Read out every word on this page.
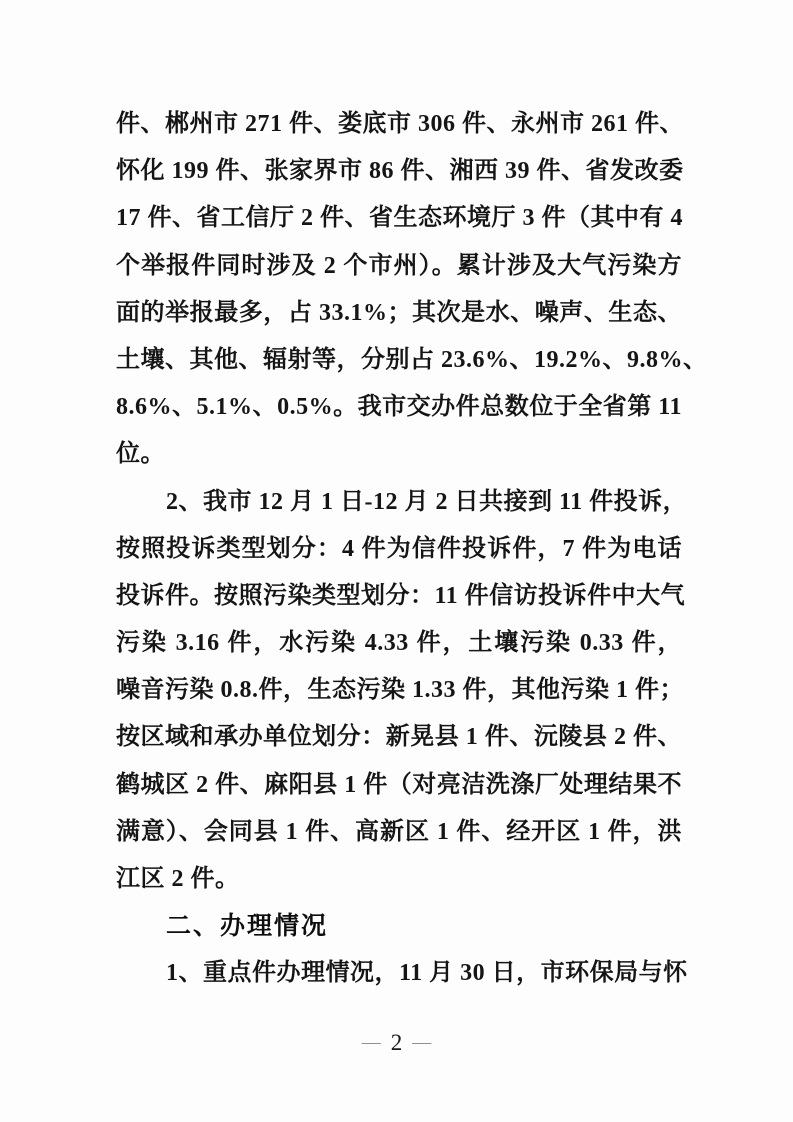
件、郴州市 271 件、娄底市 306 件、永州市 261 件、
怀化 199 件、张家界市 86 件、湘西 39 件、省发改委
17 件、省工信厅 2 件、省生态环境厅 3 件（其中有 4
个举报件同时涉及 2 个市州）。累计涉及大气污染方
面的举报最多，占 33.1%；其次是水、噪声、生态、
土壤、其他、辐射等，分别占 23.6%、19.2%、9.8%、
8.6%、5.1%、0.5%。我市交办件总数位于全省第 11
位。
2、我市 12 月 1 日-12 月 2 日共接到 11 件投诉，
按照投诉类型划分：4 件为信件投诉件，7 件为电话
投诉件。按照污染类型划分：11 件信访投诉件中大气
污染 3.16 件，水污染 4.33 件，土壤污染 0.33 件，
噪音污染 0.8.件，生态污染 1.33 件，其他污染 1 件；
按区域和承办单位划分：新晃县 1 件、沅陵县 2 件、
鹤城区 2 件、麻阳县 1 件（对亮洁洗涤厂处理结果不
满意）、会同县 1 件、高新区 1 件、经开区 1 件，洪
江区 2 件。
二、办理情况
1、重点件办理情况，11 月 30 日，市环保局与怀
— 2 —
